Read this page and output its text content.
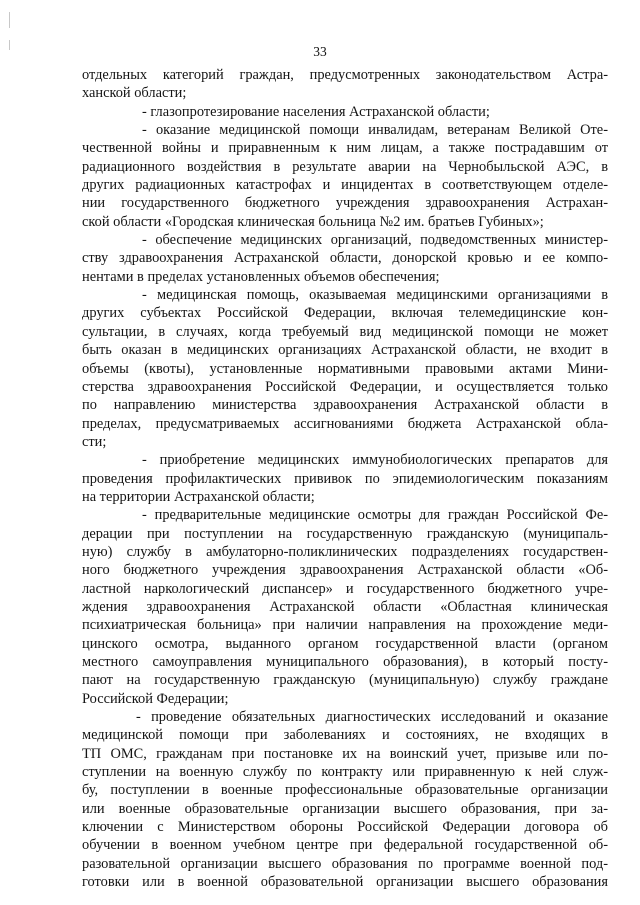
33

отдельных категорий граждан, предусмотренных законодательством Астра-
ханской области;

- глазопротезирование населения Астраханской области;

- оказание медицинской помощи инвалидам, ветеранам Великой Оте-
чественной войны и приравненным к ним лицам, а также пострадавшим от
радиационного воздействия в результате аварии на Чернобыльской АЭС, в
других радиационных катастрофах и инцидентах в соответствующем отделе-
нии государственного бюджетного учреждения здравоохранения Астрахан-
ской области «Городская клиническая больница №2 им. братьев Губиных»;

- обеспечение медицинских организаций, подведомственных министер-
ству здравоохранения Астраханской области, донорской кровью и ее компо-
нентами в пределах установленных объемов обеспечения;

- медицинская помощь, оказываемая медицинскими организациями в
других субъектах Российской Федерации, включая телемедицинские кон-
сультации, в случаях, когда требуемый вид медицинской помощи не может
быть оказан в медицинских организациях Астраханской области, не входит в
объемы (квоты), установленные нормативными правовыми актами Мини-
стерства здравоохранения Российской Федерации, и осуществляется только
по направлению министерства здравоохранения Астраханской области в
пределах, предусматриваемых ассигнованиями бюджета Астраханской обла-
сти;

- приобретение медицинских иммунобиологических препаратов для
проведения профилактических прививок по эпидемиологическим показаниям
на территории Астраханской области;

- предварительные медицинские осмотры для граждан Российской Фе-
дерации при поступлении на государственную гражданскую (муниципаль-
ную) службу в амбулаторно-поликлинических подразделениях государствен-
ного бюджетного учреждения здравоохранения Астраханской области «Об-
ластной наркологический диспансер» и государственного бюджетного учре-
ждения здравоохранения Астраханской области «Областная клиническая
психиатрическая больница» при наличии направления на прохождение меди-
цинского осмотра, выданного органом государственной власти (органом
местного самоуправления муниципального образования), в который посту-
пают на государственную гражданскую (муниципальную) службу граждане
Российской Федерации;

- проведение обязательных диагностических исследований и оказание
медицинской помощи при заболеваниях и состояниях, не входящих в
ТП ОМС, гражданам при постановке их на воинский учет, призыве или по-
ступлении на военную службу по контракту или приравненную к ней служ-
бу, поступлении в военные профессиональные образовательные организации
или военные образовательные организации высшего образования, при за-
ключении с Министерством обороны Российской Федерации договора об
обучении в военном учебном центре при федеральной государственной об-
разовательной организации высшего образования по программе военной под-
готовки или в военной образовательной организации высшего образования
